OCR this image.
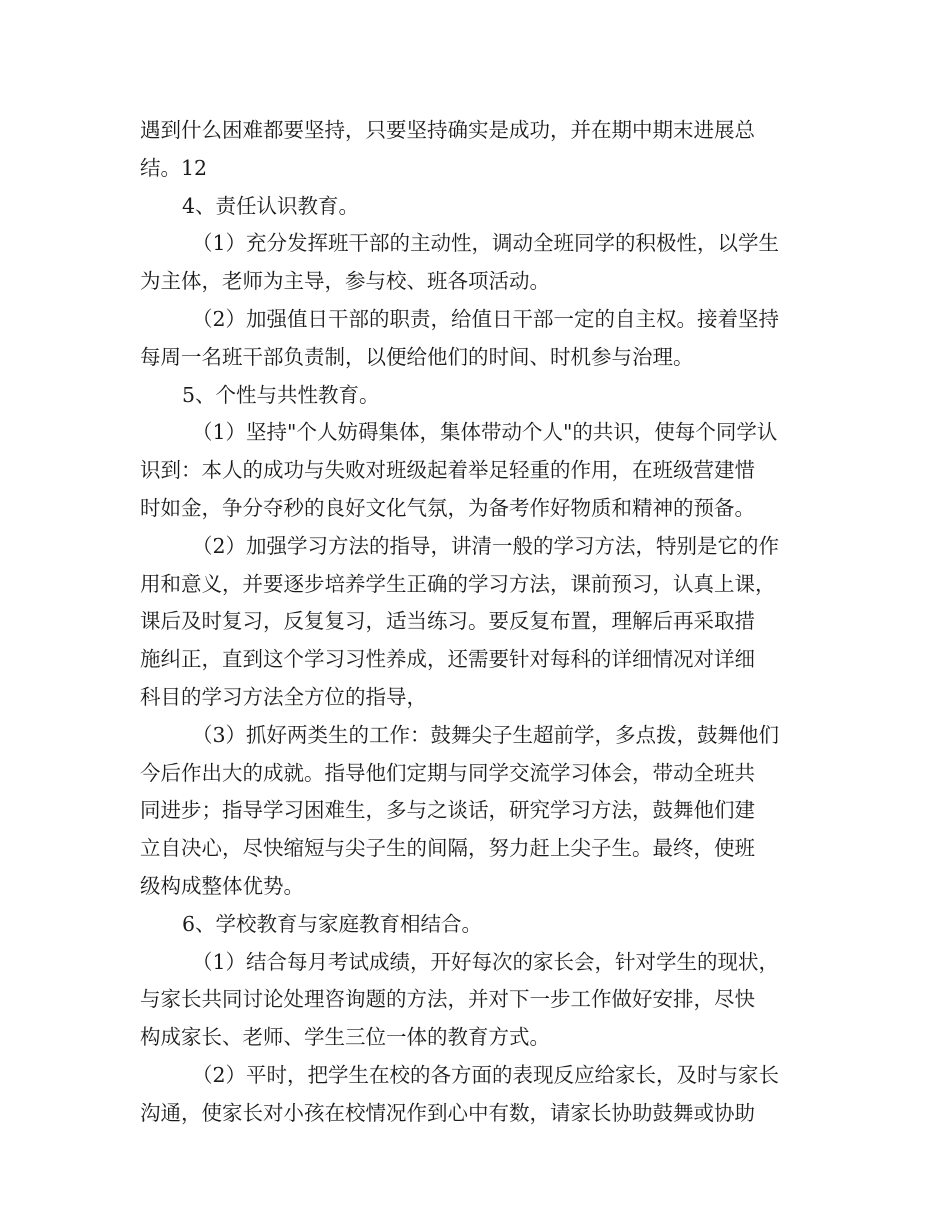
遇到什么困难都要坚持，只要坚持确实是成功，并在期中期末进展总
结。12
4、责任认识教育。
（1）充分发挥班干部的主动性，调动全班同学的积极性，以学生
为主体，老师为主导，参与校、班各项活动。
（2）加强值日干部的职责，给值日干部一定的自主权。接着坚持
每周一名班干部负责制，以便给他们的时间、时机参与治理。
5、个性与共性教育。
（1）坚持"个人妨碍集体，集体带动个人"的共识，使每个同学认
识到：本人的成功与失败对班级起着举足轻重的作用，在班级营建惜
时如金，争分夺秒的良好文化气氛，为备考作好物质和精神的预备。
（2）加强学习方法的指导，讲清一般的学习方法，特别是它的作
用和意义，并要逐步培养学生正确的学习方法，课前预习，认真上课，
课后及时复习，反复复习，适当练习。要反复布置，理解后再采取措
施纠正，直到这个学习习性养成，还需要针对每科的详细情况对详细
科目的学习方法全方位的指导，
（3）抓好两类生的工作：鼓舞尖子生超前学，多点拨，鼓舞他们
今后作出大的成就。指导他们定期与同学交流学习体会，带动全班共
同进步；指导学习困难生，多与之谈话，研究学习方法，鼓舞他们建
立自决心，尽快缩短与尖子生的间隔，努力赶上尖子生。最终，使班
级构成整体优势。
6、学校教育与家庭教育相结合。
（1）结合每月考试成绩，开好每次的家长会，针对学生的现状，
与家长共同讨论处理咨询题的方法，并对下一步工作做好安排，尽快
构成家长、老师、学生三位一体的教育方式。
（2）平时，把学生在校的各方面的表现反应给家长，及时与家长
沟通，使家长对小孩在校情况作到心中有数，请家长协助鼓舞或协助
